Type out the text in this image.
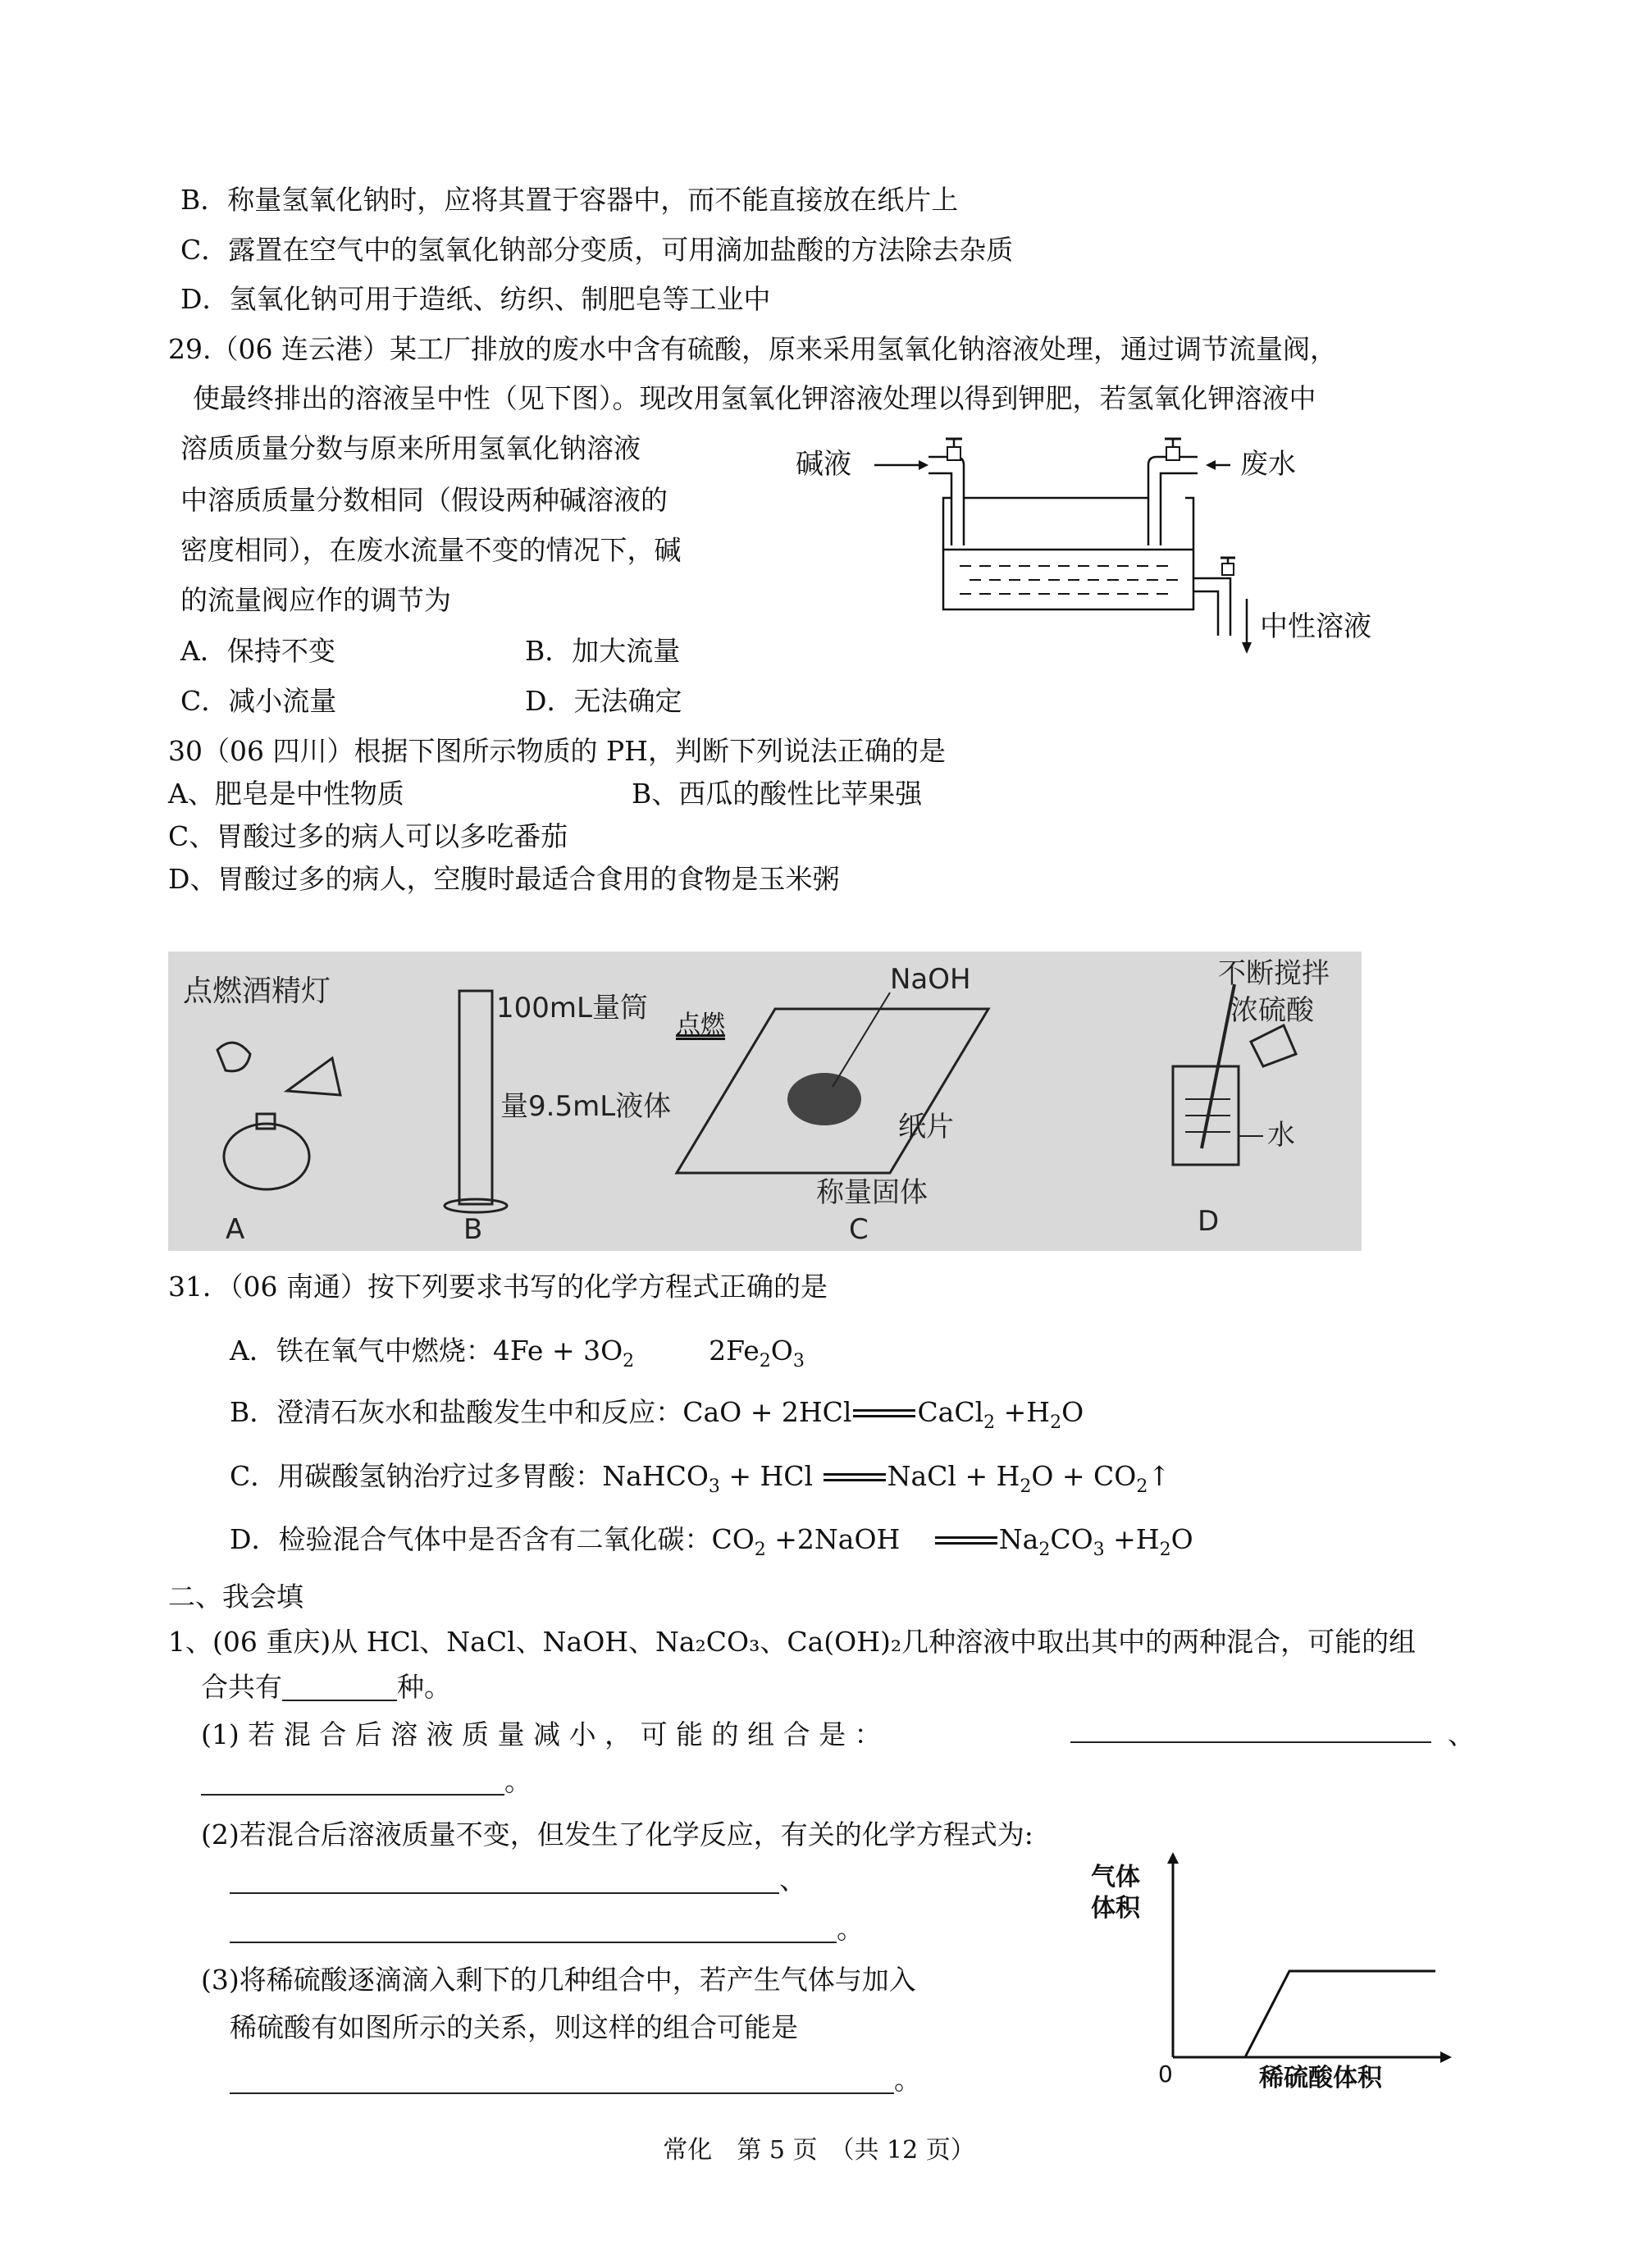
B．称量氢氧化钠时，应将其置于容器中，而不能直接放在纸片上
C．露置在空气中的氢氧化钠部分变质，可用滴加盐酸的方法除去杂质
D．氢氧化钠可用于造纸、纺织、制肥皂等工业中
29.（06 连云港）某工厂排放的废水中含有硫酸，原来采用氢氧化钠溶液处理，通过调节流量阀，
使最终排出的溶液呈中性（见下图）。现改用氢氧化钾溶液处理以得到钾肥，若氢氧化钾溶液中
溶质质量分数与原来所用氢氧化钠溶液
中溶质质量分数相同（假设两种碱溶液的
密度相同），在废水流量不变的情况下，碱
的流量阀应作的调节为
A．保持不变	B．加大流量
C．减小流量	D．无法确定
碱液	废水
中性溶液
30（06 四川）根据下图所示物质的 PH，判断下列说法正确的是
A、肥皂是中性物质	B、西瓜的酸性比苹果强
C、胃酸过多的病人可以多吃番茄
D、胃酸过多的病人，空腹时最适合食用的食物是玉米粥
点燃酒精灯
A
100mL量筒
量9.5mL液体
B
NaOH
纸片
称量固体
C
不断搅拌
浓硫酸
水
D
点燃
31．（06 南通）按下列要求书写的化学方程式正确的是
A．铁在氧气中燃烧：$4Fe + 3O_2$	$2Fe_2O_3$
B．澄清石灰水和盐酸发生中和反应：CaO + 2HCl CaCl$_2$ $+H_2O$
C．用碳酸氢钠治疗过多胃酸：NaHCO$_3$ + HCl	NaCl + $H_2O$ + $CO_2↑$
D．检验混合气体中是否含有二氧化碳：$CO_2$ +2NaOH	$Na_2CO_3 +H_2O$
二、我会填
1、(06 重庆)从 HCl、NaCl、NaOH、Na₂CO₃、Ca(OH)₂几种溶液中取出其中的两种混合，可能的组
合共有	种。
(1) 若 混 合 后 溶 液 质 量 减 小 ， 可 能 的 组 合 是 ：	、
。
(2)若混合后溶液质量不变，但发生了化学反应，有关的化学方程式为:
、
。
(3)将稀硫酸逐滴滴入剩下的几种组合中，若产生气体与加入
稀硫酸有如图所示的关系，则这样的组合可能是
。
气体
体积
0	稀硫酸体积
常化　第 5 页　（共 12 页）
